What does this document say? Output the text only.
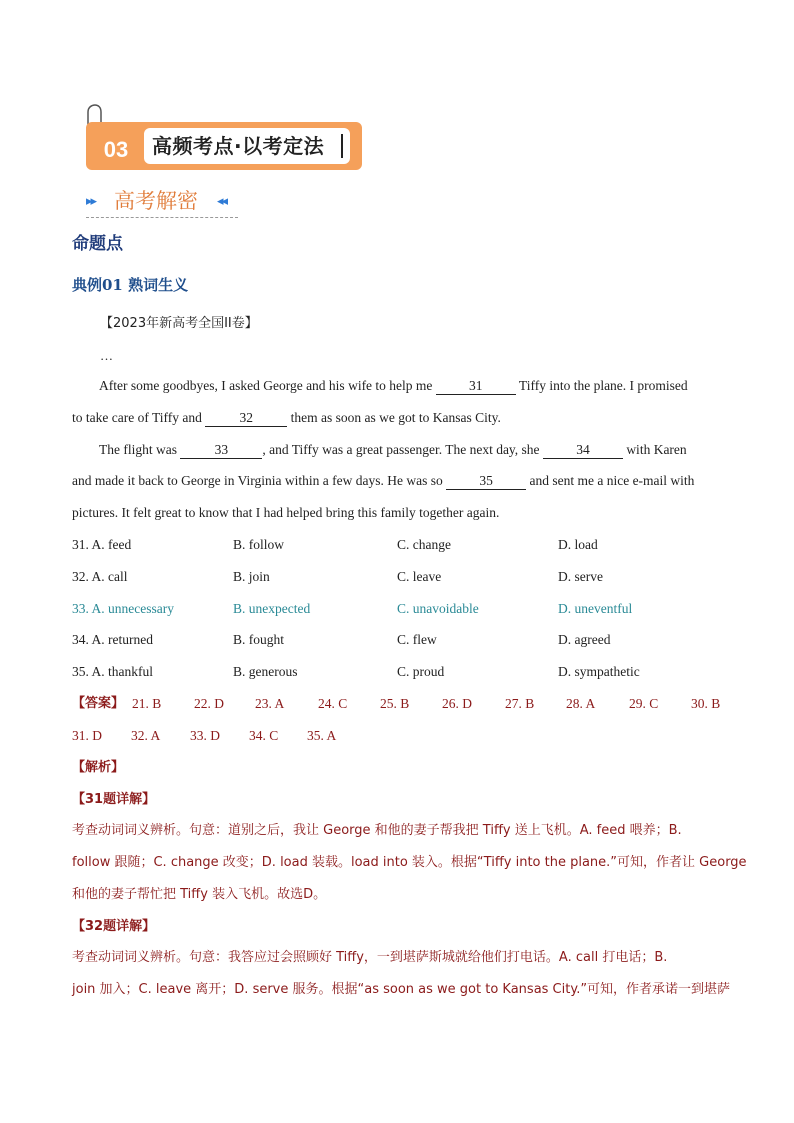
03	高频考点·以考定法
▸▸ 高考解密 ◂◂
命题点
典例01 熟词生义
【2023年新高考全国II卷】
…
After some goodbyes, I asked George and his wife to help me 31 Tiffy into the plane. I promised
to take care of Tiffy and	32	them as soon as we got to Kansas City.
The flight was	33	, and Tiffy was a great passenger. The next day, she 34 with Karen
and made it back to George in Virginia within a few days. He was so 35 and sent me a nice e-mail with
pictures. It felt great to know that I had helped bring this family together again.
31. A. feed	B. follow	C. change	D. load
32. A. call	B. join	C. leave	D. serve
33. A. unnecessary	B. unexpected	C. unavoidable	D. uneventful
34. A. returned	B. fought	C. flew	D. agreed
35. A. thankful	B. generous	C. proud	D. sympathetic
【答案】 21. B 22. D 23. A 24. C 25. B 26. D 27. B 28. A 29. C 30. B
31. D 32. A 33. D 34. C 35. A
【解析】
【31题详解】
考查动词词义辨析。句意：道别之后，我让 George 和他的妻子帮我把 Tiffy 送上飞机。A. feed 喂养；B.
follow 跟随；C. change 改变；D. load 装载。load into 装入。根据“Tiffy into the plane.”可知，作者让 George
和他的妻子帮忙把 Tiffy 装入飞机。故选D。
【32题详解】
考查动词词义辨析。句意：我答应过会照顾好 Tiffy，一到堪萨斯城就给他们打电话。A. call 打电话；B.
join 加入；C. leave 离开；D. serve 服务。根据“as soon as we got to Kansas City.”可知，作者承诺一到堪萨
